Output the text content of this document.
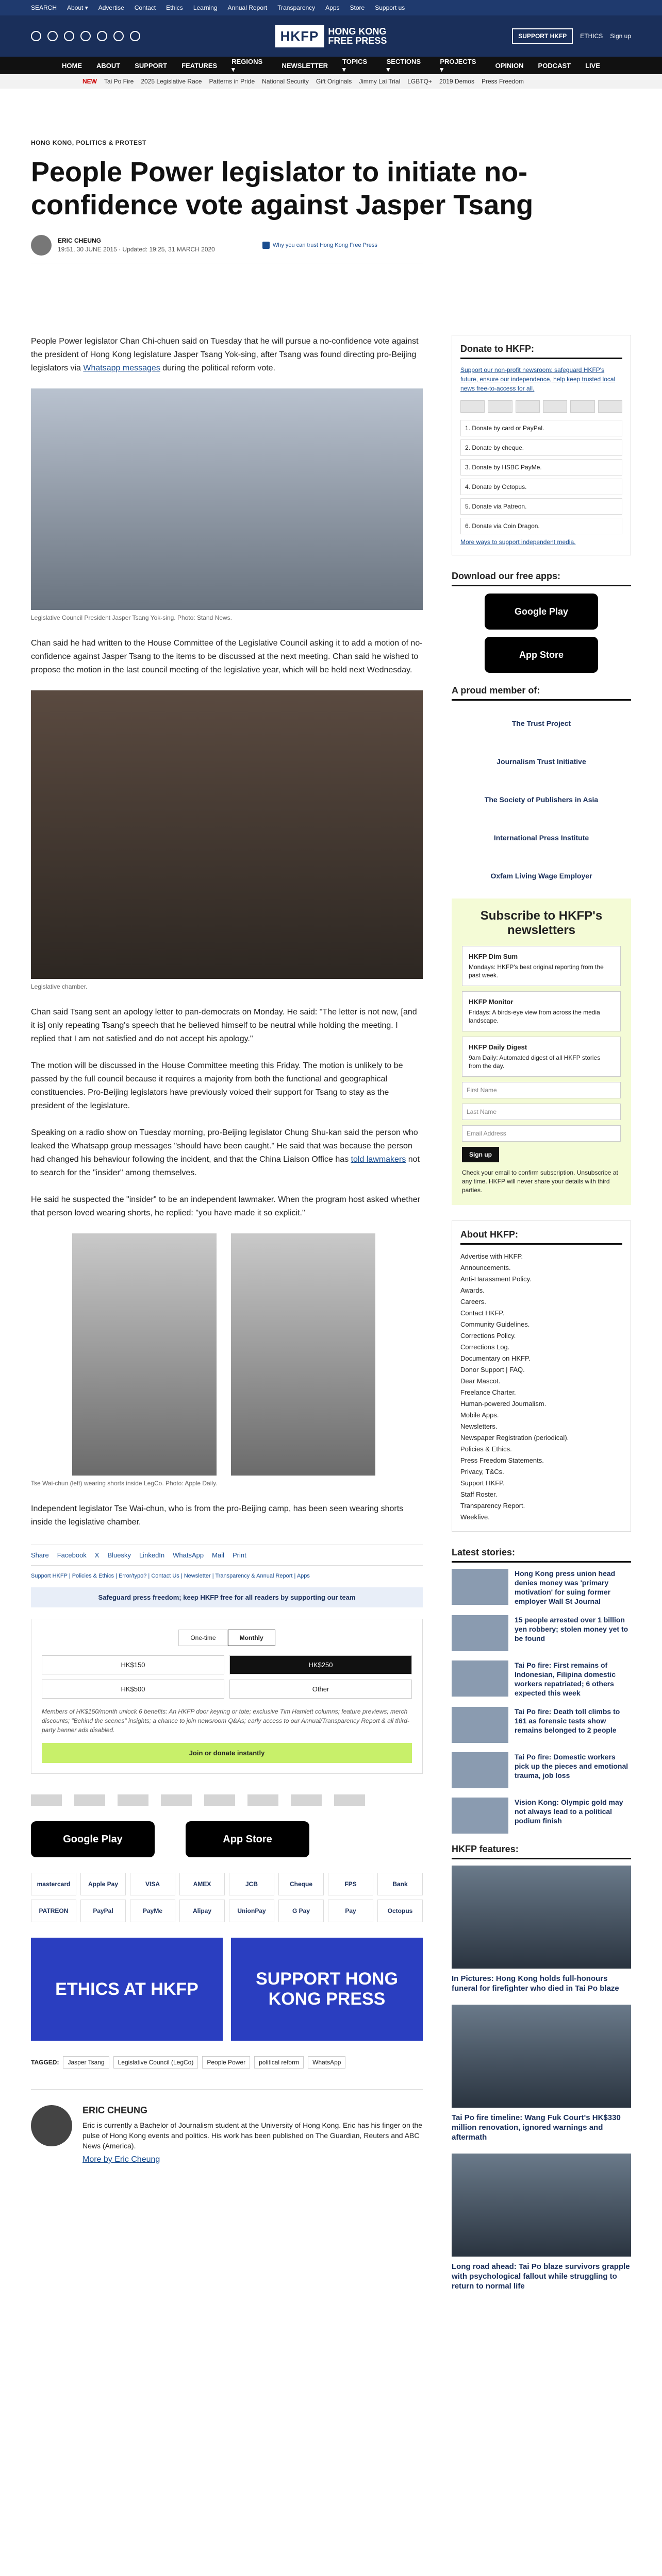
SEARCH About ▾ Advertise Contact Ethics Learning Annual Report Transparency Apps Store Support us
HKFP	HONG KONG
FREE PRESS	SUPPORT HKFP	ETHICS Sign up
HOME ABOUT SUPPORT FEATURES
REGIONS ▾	NEWSLETTER
TOPICS ▾
SECTIONS ▾
PROJECTS ▾	OPINION PODCAST LIVE
NEW Tai Po Fire 2025 Legislative Race Patterns in Pride National Security Gift Originals Jimmy Lai Trial LGBTQ+ 2019 Demos Press Freedom
HONG KONG, POLITICS & PROTEST
People Power legislator to initiate no-confidence vote against Jasper Tsang
ERIC CHEUNG
19:51, 30 JUNE 2015 · Updated: 19:25, 31 MARCH 2020
Why you can trust Hong Kong Free Press

People Power legislator Chan Chi-chuen said on Tuesday that he will pursue a no-confidence vote against the president of Hong Kong legislature Jasper Tsang Yok-sing, after Tsang was found directing pro-Beijing legislators via Whatsapp messages during the political reform vote.

Legislative Council President Jasper Tsang Yok-sing. Photo: Stand News.

Chan said he had written to the House Committee of the Legislative Council asking it to add a motion of no-confidence against Jasper Tsang to the items to be discussed at the next meeting. Chan said he wished to propose the motion in the last council meeting of the legislative year, which will be held next Wednesday.

Legislative chamber.

Chan said Tsang sent an apology letter to pan-democrats on Monday. He said: "The letter is not new, [and it is] only repeating Tsang's speech that he believed himself to be neutral while holding the meeting. I replied that I am not satisfied and do not accept his apology."

The motion will be discussed in the House Committee meeting this Friday. The motion is unlikely to be passed by the full council because it requires a majority from both the functional and geographical constituencies. Pro-Beijing legislators have previously voiced their support for Tsang to stay as the president of the legislature.

Speaking on a radio show on Tuesday morning, pro-Beijing legislator Chung Shu-kan said the person who leaked the Whatsapp group messages "should have been caught." He said that was because the person had changed his behaviour following the incident, and that the China Liaison Office has told lawmakers not to search for the "insider" among themselves.

He said he suspected the "insider" to be an independent lawmaker. When the program host asked whether that person loved wearing shorts, he replied: "you have made it so explicit."

Tse Wai-chun (left) wearing shorts inside LegCo. Photo: Apple Daily.

Independent legislator Tse Wai-chun, who is from the pro-Beijing camp, has been seen wearing shorts inside the legislative chamber.

Share Facebook X Bluesky LinkedIn WhatsApp Mail Print
Support HKFP | Policies & Ethics | Error/typo? | Contact Us | Newsletter | Transparency & Annual Report | Apps
Safeguard press freedom; keep HKFP free for all readers by supporting our team
One-time	Monthly
HK$150	HK$250
HK$500	Other
Members of HK$150/month unlock 6 benefits: An HKFP door keyring or tote; exclusive Tim Hamlett columns; feature previews; merch discounts; "Behind the scenes" insights; a chance to join newsroom Q&As; early access to our Annual/Transparency Report & all third-party banner ads disabled.
Join or donate instantly
Google Play	App Store
mastercard	Apple Pay	VISA	AMEX	JCB	Cheque	FPS	Bank
PATREON	PayPal	PayMe	Alipay	UnionPay	G Pay	Pay	Octopus
ETHICS AT HKFP
SUPPORT HONG KONG PRESS
TAGGED:	Jasper Tsang	Legislative Council (LegCo)	People Power	political reform	WhatsApp
ERIC CHEUNG

Eric is currently a Bachelor of Journalism student at the University of Hong Kong. Eric has his finger on the pulse of Hong Kong events and politics. His work has been published on The Guardian, Reuters and ABC News (America).

More by Eric Cheung
Donate to HKFP:
Support our non-profit newsroom: safeguard HKFP's future, ensure our independence, help keep trusted local news free-to-access for all.
1. Donate by card or PayPal.
2. Donate by cheque.
3. Donate by HSBC PayMe.
4. Donate by Octopus.
5. Donate via Patreon.
6. Donate via Coin Dragon.
More ways to support independent media.
Download our free apps:
Google Play
App Store
A proud member of:
The Trust Project
Journalism Trust Initiative
The Society of Publishers in Asia
International Press Institute
Oxfam Living Wage Employer
Subscribe to HKFP's newsletters
HKFP Dim Sum
Mondays: HKFP's best original reporting from the past week.
HKFP Monitor
Fridays: A birds-eye view from across the media landscape.
HKFP Daily Digest
9am Daily: Automated digest of all HKFP stories from the day.
First Name
Last Name
Email Address
Sign up
Check your email to confirm subscription. Unsubscribe at any time. HKFP will never share your details with third parties.
About HKFP:
Advertise with HKFP.
Announcements.
Anti-Harassment Policy.
Awards.
Careers.
Contact HKFP.
Community Guidelines.
Corrections Policy.
Corrections Log.
Documentary on HKFP.
Donor Support | FAQ.
Dear Mascot.
Freelance Charter.
Human-powered Journalism.
Mobile Apps.
Newsletters.
Newspaper Registration (periodical).
Policies & Ethics.
Press Freedom Statements.
Privacy, T&Cs.
Support HKFP.
Staff Roster.
Transparency Report.
Weekfive.
Latest stories:
Hong Kong press union head denies money was 'primary motivation' for suing former employer Wall St Journal
15 people arrested over 1 billion yen robbery; stolen money yet to be found
Tai Po fire: First remains of Indonesian, Filipina domestic workers repatriated; 6 others expected this week
Tai Po fire: Death toll climbs to 161 as forensic tests show remains belonged to 2 people
Tai Po fire: Domestic workers pick up the pieces and emotional trauma, job loss
Vision Kong: Olympic gold may not always lead to a political podium finish
HKFP features:
In Pictures: Hong Kong holds full-honours funeral for firefighter who died in Tai Po blaze
Tai Po fire timeline: Wang Fuk Court's HK$330 million renovation, ignored warnings and aftermath
Long road ahead: Tai Po blaze survivors grapple with psychological fallout while struggling to return to normal life
